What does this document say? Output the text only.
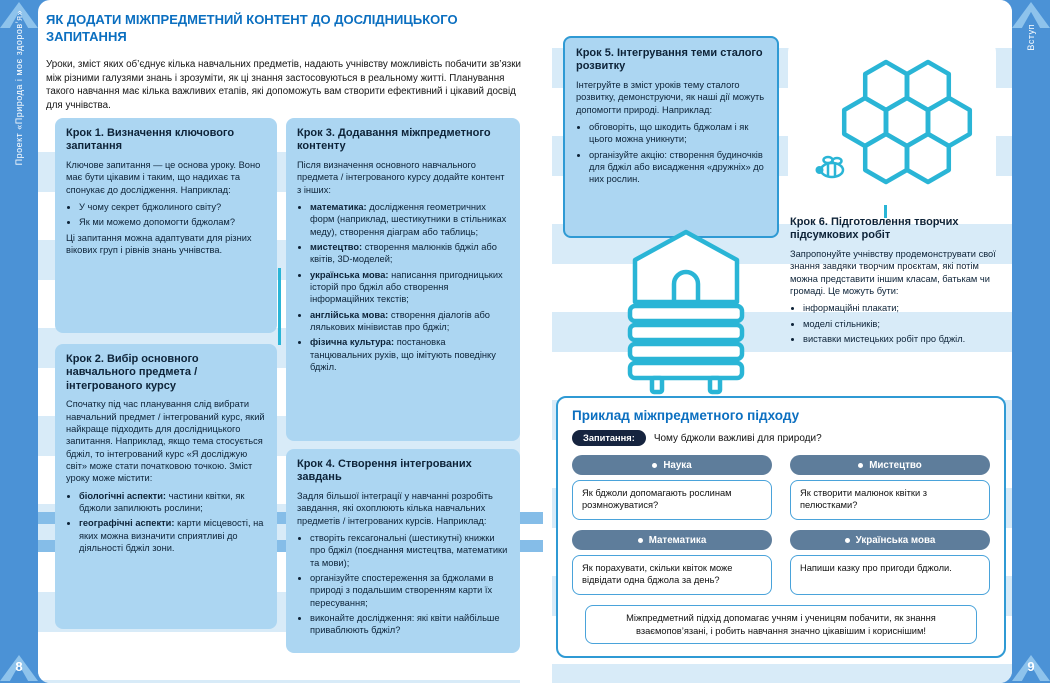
Проект «Природа і моє здоров’я»
8
ЯК ДОДАТИ МІЖПРЕДМЕТНИЙ КОНТЕНТ ДО ДОСЛІДНИЦЬКОГО ЗАПИТАННЯ

Уроки, зміст яких об’єднує кілька навчальних предметів, надають учнівству можливість побачити зв’язки між різними галузями знань і зрозуміти, як ці знання застосовуються в реальному житті. Планування такого навчання має кілька важливих етапів, які допоможуть вам створити ефективний і цікавий досвід для учнівства.

Крок 1. Визначення ключового запитання

Ключове запитання — це основа уроку. Воно має бути цікавим і таким, що надихає та спонукає до дослідження. Наприклад:

• У чому секрет бджолиного світу?
• Як ми можемо допомогти бджолам?

Ці запитання можна адаптувати для різних вікових груп і рівнів знань учнівства.

Крок 2. Вибір основного навчального предмета / інтегрованого курсу

Спочатку під час планування слід вибрати навчальний предмет / інтегрований курс, який найкраще підходить для дослідницького запитання. Наприклад, якщо тема стосується бджіл, то інтегрований курс «Я досліджую світ» може стати початковою точкою. Зміст уроку може містити:

• біологічні аспекти: частини квітки, як бджоли запилюють рослини;
• географічні аспекти: карти місцевості, на яких можна визначити сприятливі до діяльності бджіл зони.
Крок 3. Додавання міжпредметного контенту

Після визначення основного навчального предмета / інтегрованого курсу додайте контент з інших:

• математика: дослідження геометричних форм (наприклад, шестикутники в стільниках меду), створення діаграм або таблиць;
• мистецтво: створення малюнків бджіл або квітів, 3D-моделей;
• українська мова: написання пригодницьких історій про бджіл або створення інформаційних текстів;
• англійська мова: створення діалогів або лялькових мінівистав про бджіл;
• фізична культура: постановка танцювальних рухів, що імітують поведінку бджіл.
Крок 4. Створення інтегрованих завдань

Задля більшої інтеграції у навчанні розробіть завдання, які охоплюють кілька навчальних предметів / інтегрованих курсів. Наприклад:

• створіть гексагональні (шестикутні) книжки про бджіл (поєднання мистецтва, математики та мови);
• організуйте спостереження за бджолами в природі з подальшим створенням карти їх пересування;
• виконайте дослідження: які квіти найбільше приваблюють бджіл?
Крок 5. Інтегрування теми сталого розвитку

Інтегруйте в зміст уроків тему сталого розвитку, демонструючи, як наші дії можуть допомогти природі. Наприклад:

• обговоріть, що шкодить бджолам і як цього можна уникнути;
• організуйте акцію: створення будиночків для бджіл або висадження «дружніх» до них рослин.
Крок 6. Підготовлення творчих підсумкових робіт

Запропонуйте учнівству продемонструвати свої знання завдяки творчим проєктам, які потім можна представити іншим класам, батькам чи громаді. Це можуть бути:

• інформаційні плакати;
• моделі стільників;
• виставки мистецьких робіт про бджіл.
Приклад міжпредметного підходу
Запитання:	Чому бджоли важливі для природи?
Наука
Як бджоли допомагають рослинам розмножуватися?
Мистецтво
Як створити малюнок квітки з пелюстками?
Математика
Як порахувати, скільки квіток може відвідати одна бджола за день?
Українська мова
Напиши казку про пригоди бджоли.
Міжпредметний підхід допомагає учням і ученицям побачити, як знання взаємопов’язані, і робить навчання значно цікавішим і кориснішим!
Вступ
9
